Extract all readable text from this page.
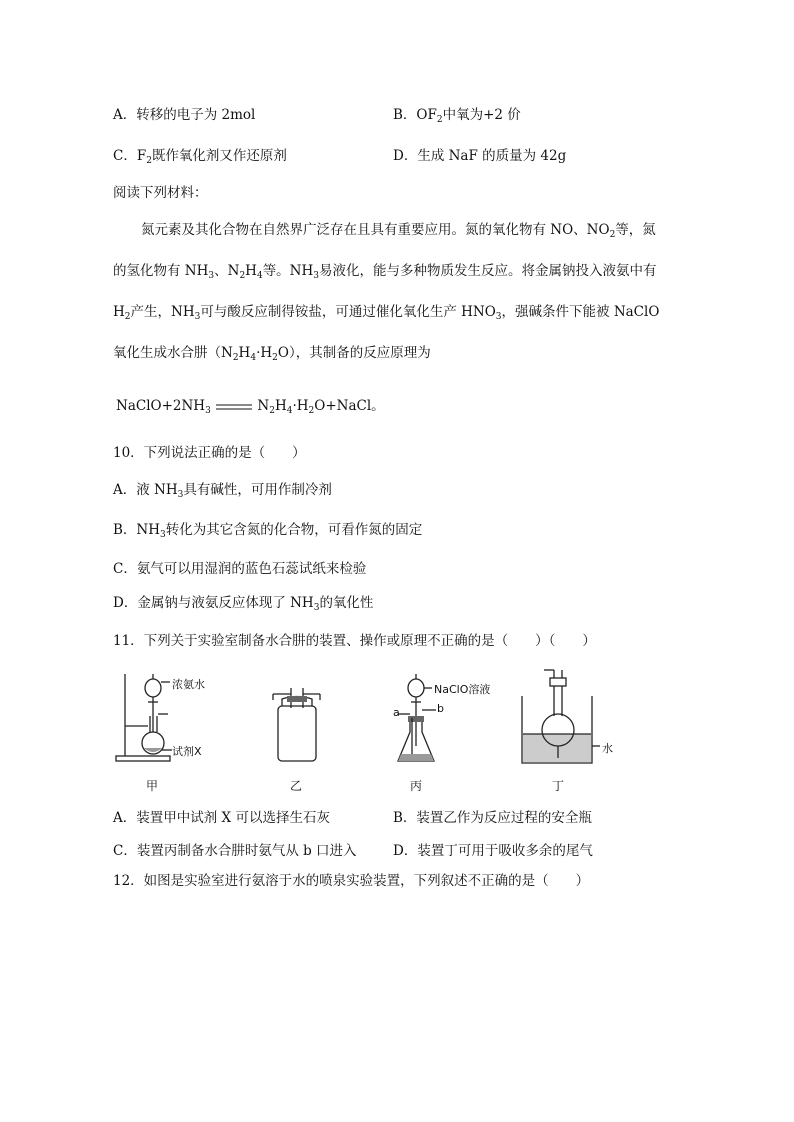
A．转移的电子为 2mol	B．$OF_2$中氧为+2 价
C．$F_2$既作氧化剂又作还原剂	D．生成 NaF 的质量为 42g
阅读下列材料：
氮元素及其化合物在自然界广泛存在且具有重要应用。氮的氧化物有 NO、$NO_2$等，氮
的氢化物有 $NH_3$、$N_2H_4$等。$NH_3$易液化，能与多种物质发生反应。将金属钠投入液氨中有
$H_2$产生，$NH_3$可与酸反应制得铵盐，可通过催化氧化生产 $HNO_3$，强碱条件下能被 NaClO
氧化生成水合肼$(N_2H_4\cdot H_2O)$，其制备的反应原理为
$NaClO+2NH_3$	$N_2H_4\cdot H_2O+NaCl$。
10．下列说法正确的是（　　）
A．液 $NH_3$具有碱性，可用作制冷剂
B．$NH_3$转化为其它含氮的化合物，可看作氮的固定
C．氨气可以用湿润的蓝色石蕊试纸来检验
D．金属钠与液氨反应体现了 $NH_3$的氧化性
11．下列关于实验室制备水合肼的装置、操作或原理不正确的是（　　）（　　）
浓氨水
试剂X
NaClO溶液
a	b
水
甲	乙	丙	丁
A．装置甲中试剂 X 可以选择生石灰	B．装置乙作为反应过程的安全瓶
C．装置丙制备水合肼时氨气从 b 口进入	D．装置丁可用于吸收多余的尾气
12．如图是实验室进行氨溶于水的喷泉实验装置，下列叙述不正确的是（　　）
